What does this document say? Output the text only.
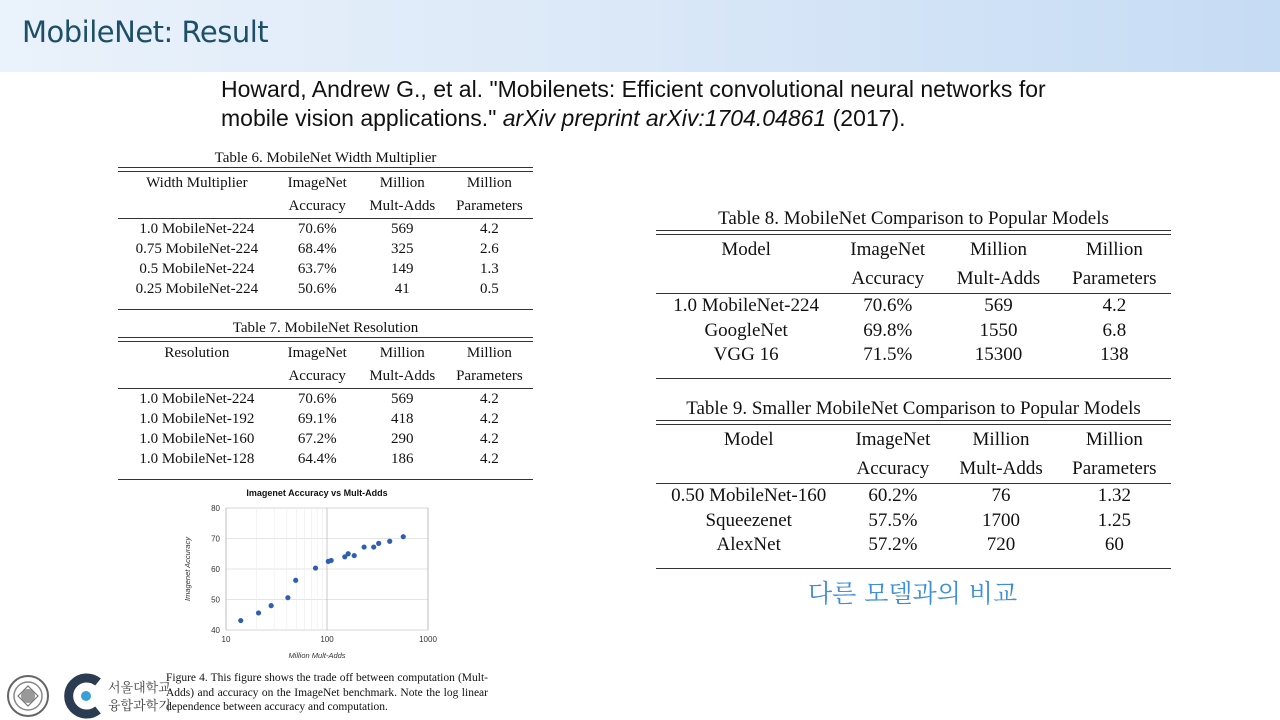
MobileNet: Result
Howard, Andrew G., et al. "Mobilenets: Efficient convolutional neural networks for mobile vision applications." arXiv preprint arXiv:1704.04861 (2017).
Table 6. MobileNet Width Multiplier
Width Multiplier	ImageNet	Million	Million
	Accuracy	Mult-Adds	Parameters
1.0 MobileNet-224	70.6%	569	4.2
0.75 MobileNet-224	68.4%	325	2.6
0.5 MobileNet-224	63.7%	149	1.3
0.25 MobileNet-224	50.6%	41	0.5

Table 7. MobileNet Resolution
Resolution	ImageNet	Million	Million
	Accuracy	Mult-Adds	Parameters
1.0 MobileNet-224	70.6%	569	4.2
1.0 MobileNet-192	69.1%	418	4.2
1.0 MobileNet-160	67.2%	290	4.2
1.0 MobileNet-128	64.4%	186	4.2

Table 8. MobileNet Comparison to Popular Models
Model	ImageNet	Million	Million
	Accuracy	Mult-Adds	Parameters
1.0 MobileNet-224	70.6%	569	4.2
GoogleNet	69.8%	1550	6.8
VGG 16	71.5%	15300	138

Table 9. Smaller MobileNet Comparison to Popular Models
Model	ImageNet	Million	Million
	Accuracy	Mult-Adds	Parameters
0.50 MobileNet-160	60.2%	76	1.32
Squeezenet	57.5%	1700	1.25
AlexNet	57.2%	720	60

40
50
60
70
80
10	100	1000
Imagenet Accuracy vs Mult-Adds
Million Mult-Adds
Imagenet Accuracy
Figure 4. This figure shows the trade off between computation (Mult-Adds) and accuracy on the ImageNet benchmark. Note the log linear dependence between accuracy and computation.
다른 모델과의 비교
서울대학교
융합과학기
